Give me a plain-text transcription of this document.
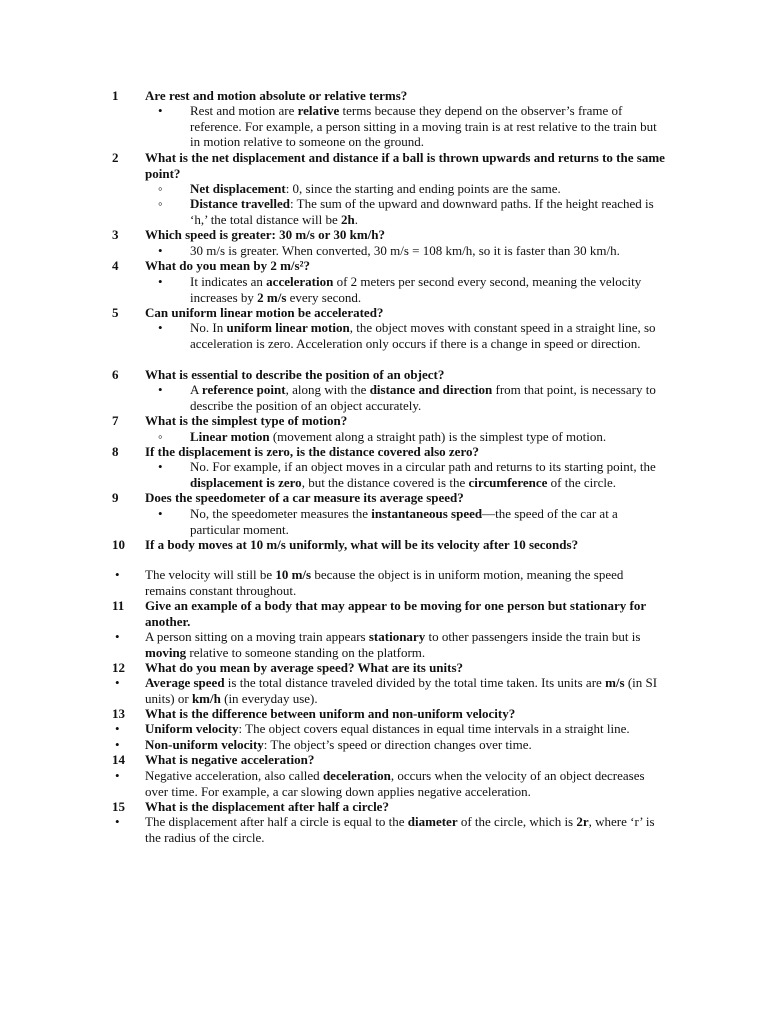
1 Are rest and motion absolute or relative terms?
• Rest and motion are relative terms because they depend on the observer’s frame of reference. For example, a person sitting in a moving train is at rest relative to the train but in motion relative to someone on the ground.
2 What is the net displacement and distance if a ball is thrown upwards and returns to the same point?
◦ Net displacement: 0, since the starting and ending points are the same.
◦ Distance travelled: The sum of the upward and downward paths. If the height reached is ‘h,’ the total distance will be 2h.
3 Which speed is greater: 30 m/s or 30 km/h?
• 30 m/s is greater. When converted, 30 m/s = 108 km/h, so it is faster than 30 km/h.
4 What do you mean by 2 m/s²?
• It indicates an acceleration of 2 meters per second every second, meaning the velocity increases by 2 m/s every second.
5 Can uniform linear motion be accelerated?
• No. In uniform linear motion, the object moves with constant speed in a straight line, so acceleration is zero. Acceleration only occurs if there is a change in speed or direction.
6 What is essential to describe the position of an object?
• A reference point, along with the distance and direction from that point, is necessary to describe the position of an object accurately.
7 What is the simplest type of motion?
◦ Linear motion (movement along a straight path) is the simplest type of motion.
8 If the displacement is zero, is the distance covered also zero?
• No. For example, if an object moves in a circular path and returns to its starting point, the displacement is zero, but the distance covered is the circumference of the circle.
9 Does the speedometer of a car measure its average speed?
• No, the speedometer measures the instantaneous speed—the speed of the car at a particular moment.
10 If a body moves at 10 m/s uniformly, what will be its velocity after 10 seconds?
• The velocity will still be 10 m/s because the object is in uniform motion, meaning the speed remains constant throughout.
11 Give an example of a body that may appear to be moving for one person but stationary for another.
• A person sitting on a moving train appears stationary to other passengers inside the train but is moving relative to someone standing on the platform.
12 What do you mean by average speed? What are its units?
• Average speed is the total distance traveled divided by the total time taken. Its units are m/s (in SI units) or km/h (in everyday use).
13 What is the difference between uniform and non-uniform velocity?
• Uniform velocity: The object covers equal distances in equal time intervals in a straight line.
• Non-uniform velocity: The object’s speed or direction changes over time.
14 What is negative acceleration?
• Negative acceleration, also called deceleration, occurs when the velocity of an object decreases over time. For example, a car slowing down applies negative acceleration.
15 What is the displacement after half a circle?
• The displacement after half a circle is equal to the diameter of the circle, which is 2r, where ‘r’ is the radius of the circle.
